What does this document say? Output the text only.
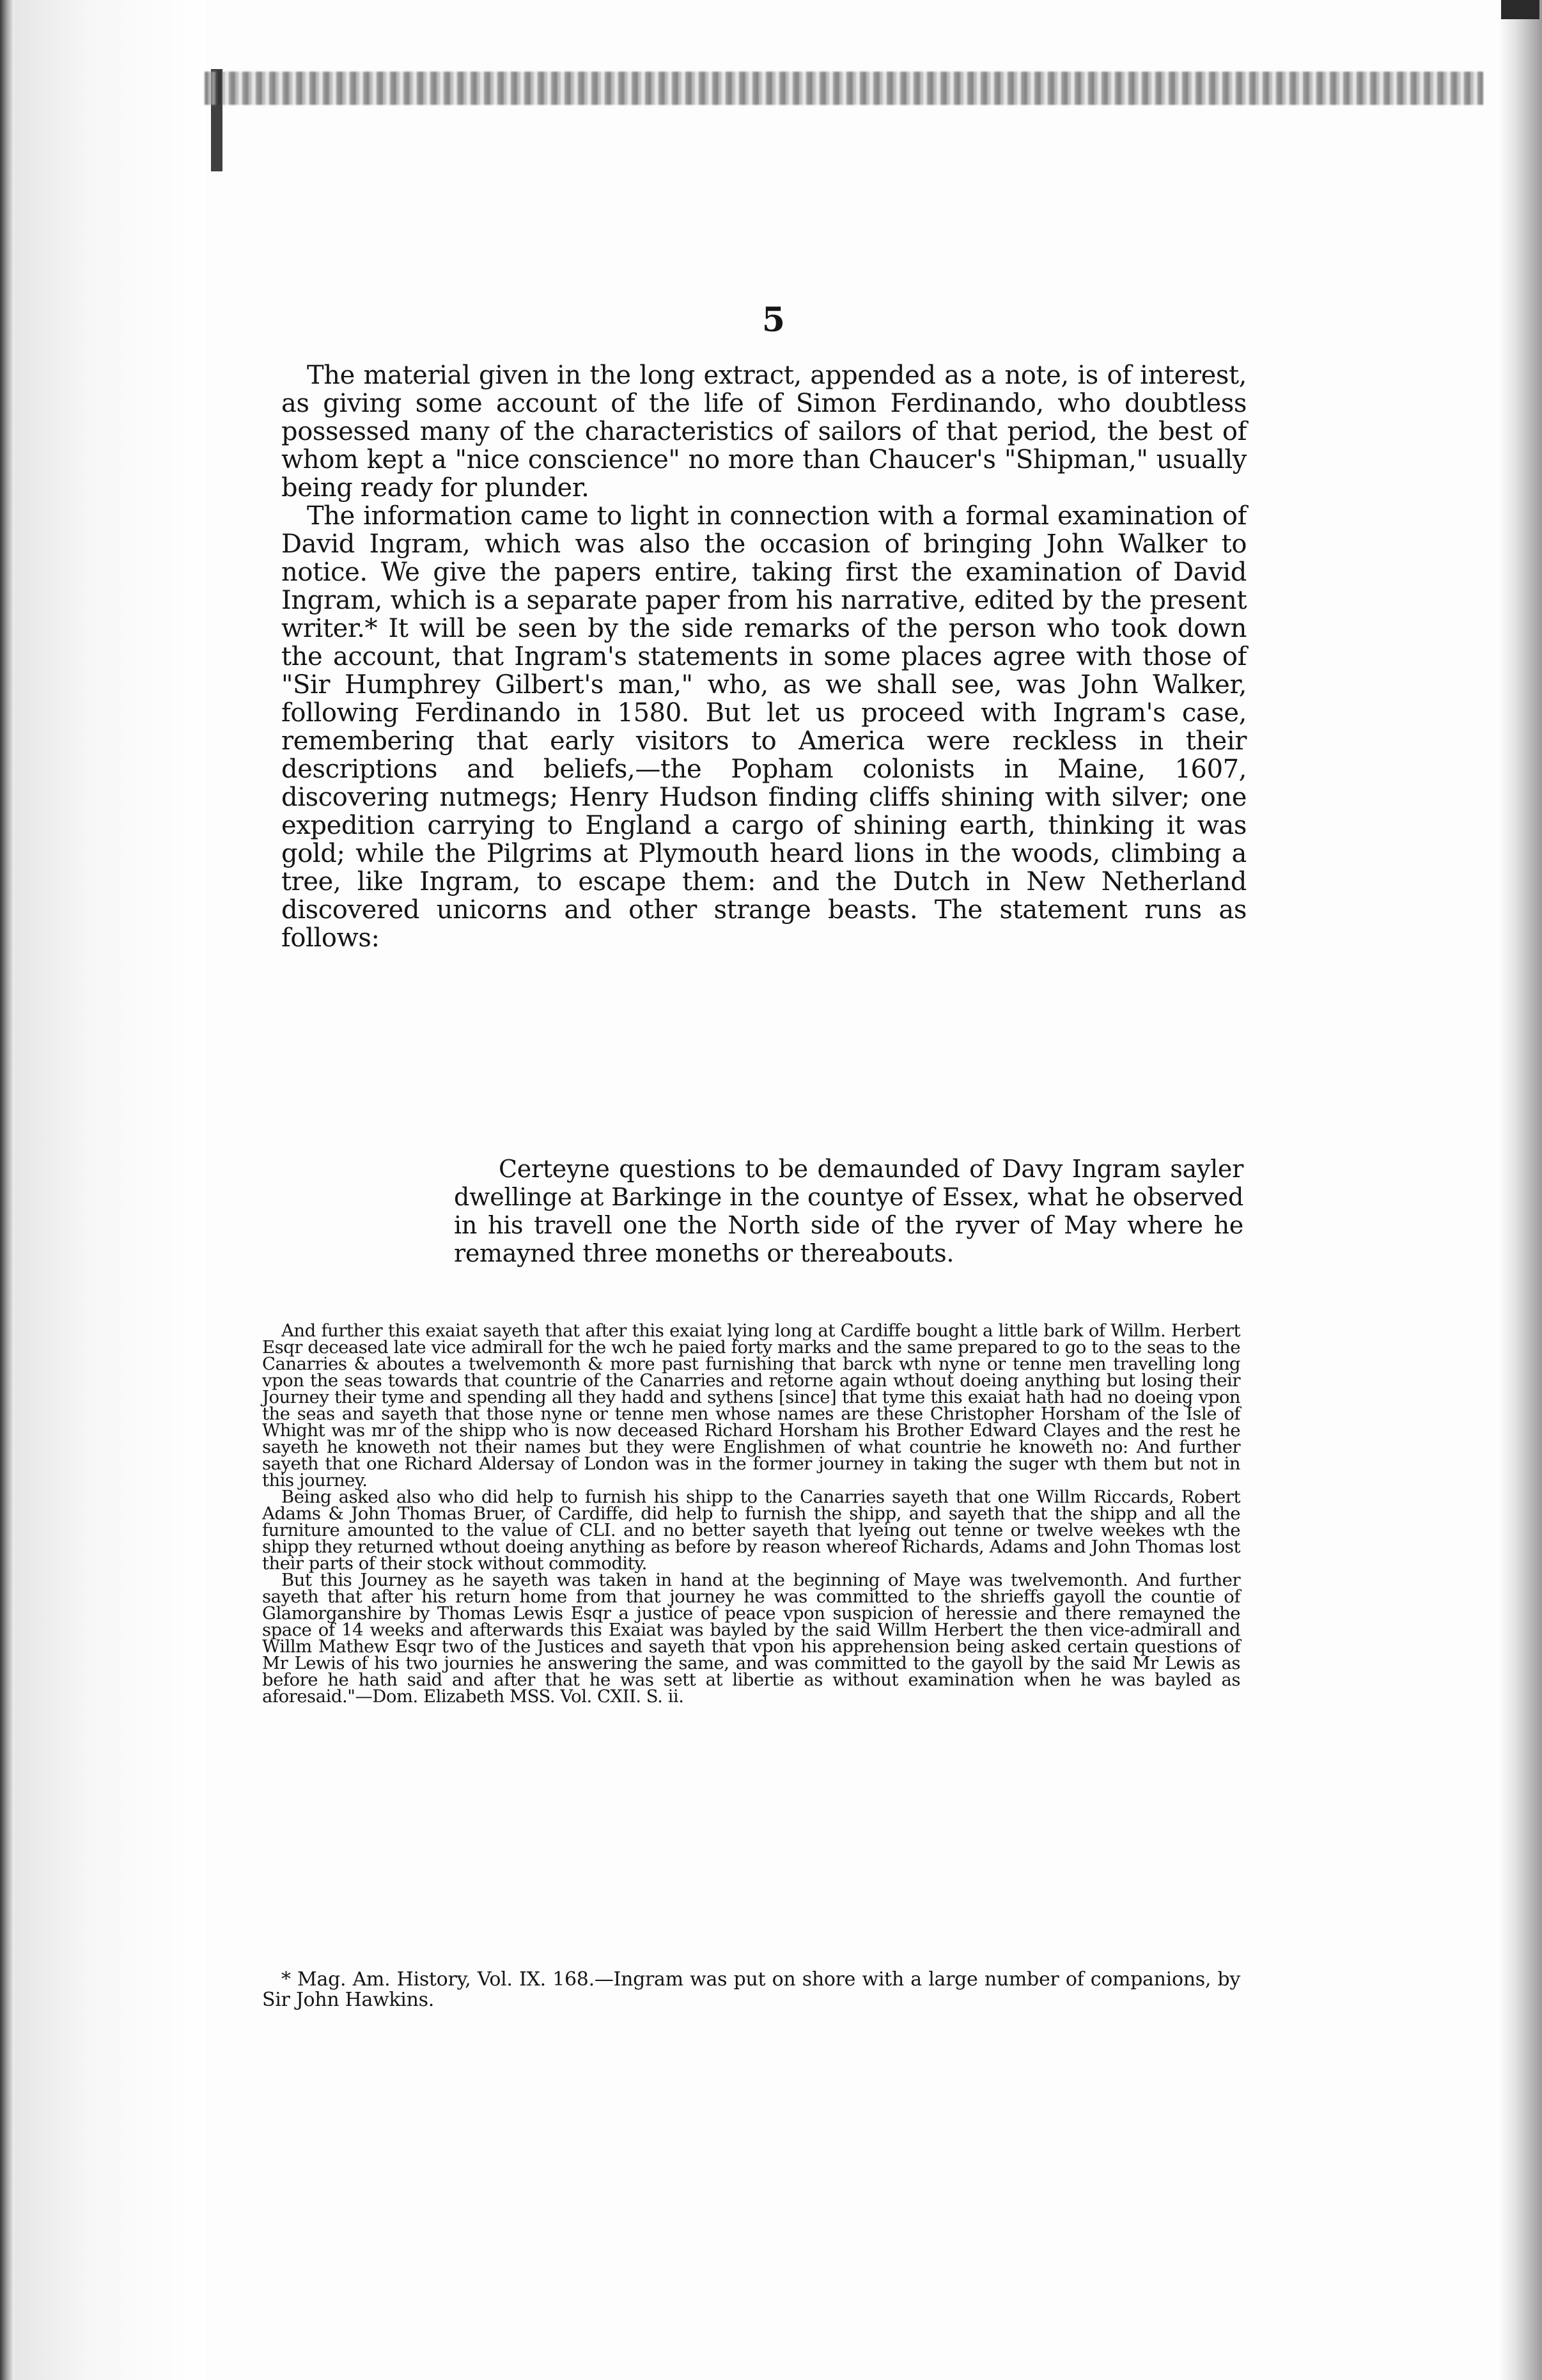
5

The material given in the long extract, appended as a note, is of interest, as giving some account of the life of Simon Ferdinando, who doubtless possessed many of the characteristics of sailors of that period, the best of whom kept a "nice conscience" no more than Chaucer's "Shipman," usually being ready for plunder.

The information came to light in connection with a formal examination of David Ingram, which was also the occasion of bringing John Walker to notice. We give the papers entire, taking first the examination of David Ingram, which is a separate paper from his narrative, edited by the present writer.* It will be seen by the side remarks of the person who took down the account, that Ingram's statements in some places agree with those of "Sir Humphrey Gilbert's man," who, as we shall see, was John Walker, following Ferdinando in 1580. But let us proceed with Ingram's case, remembering that early visitors to America were reckless in their descriptions and beliefs,—the Popham colonists in Maine, 1607, discovering nutmegs; Henry Hudson finding cliffs shining with silver; one expedition carrying to England a cargo of shining earth, thinking it was gold; while the Pilgrims at Plymouth heard lions in the woods, climbing a tree, like Ingram, to escape them: and the Dutch in New Netherland discovered unicorns and other strange beasts. The statement runs as follows:

Certeyne questions to be demaunded of Davy Ingram sayler dwellinge at Barkinge in the countye of Essex, what he observed in his travell one the North side of the ryver of May where he remayned three moneths or thereabouts.

And further this exaiat sayeth that after this exaiat lying long at Cardiffe bought a little bark of Willm. Herbert Esqr deceased late vice admirall for the wch he paied forty marks and the same prepared to go to the seas to the Canarries & aboutes a twelvemonth & more past furnishing that barck wth nyne or tenne men travelling long vpon the seas towards that countrie of the Canarries and retorne again wthout doeing anything but losing their Journey their tyme and spending all they hadd and sythens [since] that tyme this exaiat hath had no doeing vpon the seas and sayeth that those nyne or tenne men whose names are these Christopher Horsham of the Isle of Whight was mr of the shipp who is now deceased Richard Horsham his Brother Edward Clayes and the rest he sayeth he knoweth not their names but they were Englishmen of what countrie he knoweth no: And further sayeth that one Richard Aldersay of London was in the former journey in taking the suger wth them but not in this journey.

Being asked also who did help to furnish his shipp to the Canarries sayeth that one Willm Riccards, Robert Adams & John Thomas Bruer, of Cardiffe, did help to furnish the shipp, and sayeth that the shipp and all the furniture amounted to the value of CLI. and no better sayeth that lyeing out tenne or twelve weekes wth the shipp they returned wthout doeing anything as before by reason whereof Richards, Adams and John Thomas lost their parts of their stock without commodity.

But this Journey as he sayeth was taken in hand at the beginning of Maye was twelvemonth. And further sayeth that after his return home from that journey he was committed to the shrieffs gayoll the countie of Glamorganshire by Thomas Lewis Esqr a justice of peace vpon suspicion of heressie and there remayned the space of 14 weeks and afterwards this Exaiat was bayled by the said Willm Herbert the then vice-admirall and Willm Mathew Esqr two of the Justices and sayeth that vpon his apprehension being asked certain questions of Mr Lewis of his two journies he answering the same, and was committed to the gayoll by the said Mr Lewis as before he hath said and after that he was sett at libertie as without examination when he was bayled as aforesaid."—Dom. Elizabeth MSS. Vol. CXII. S. ii.

* Mag. Am. History, Vol. IX. 168.—Ingram was put on shore with a large number of companions, by Sir John Hawkins.
